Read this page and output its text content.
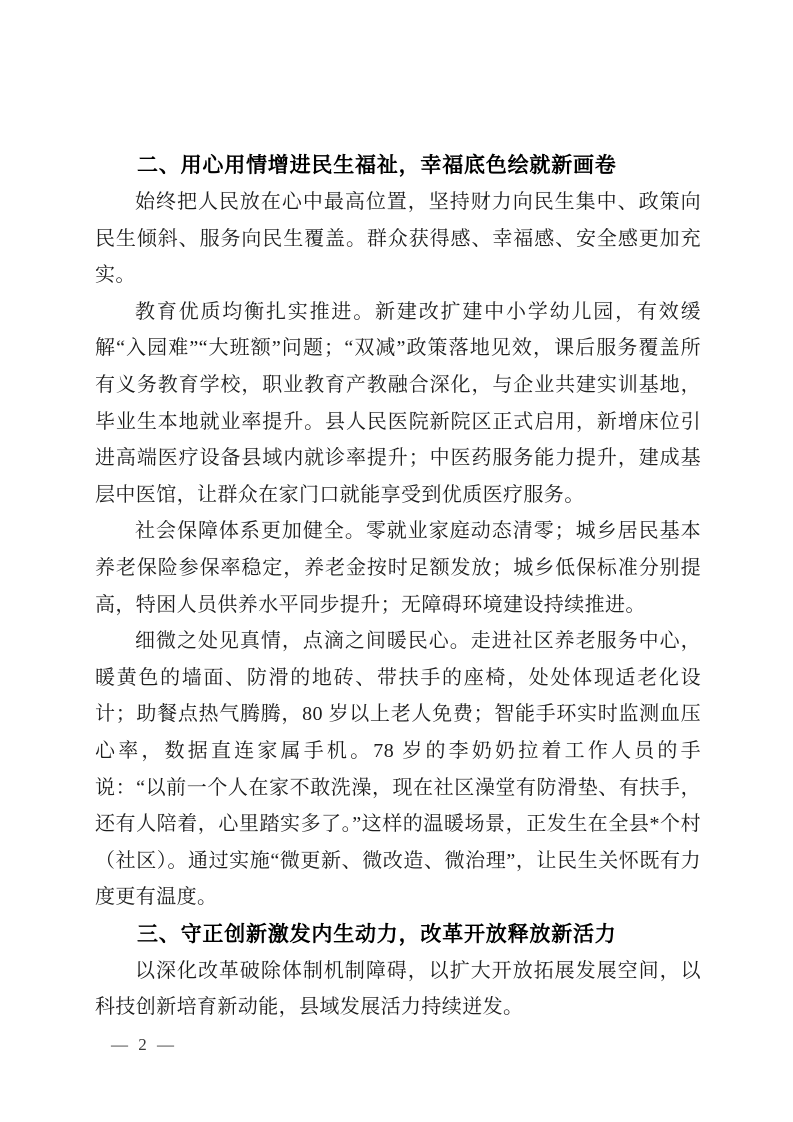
二、用心用情增进民生福祉，幸福底色绘就新画卷

始终把人民放在心中最高位置，坚持财力向民生集中、政策向民生倾斜、服务向民生覆盖。群众获得感、幸福感、安全感更加充实。

教育优质均衡扎实推进。新建改扩建中小学幼儿园，有效缓解“入园难”“大班额”问题；“双减”政策落地见效，课后服务覆盖所有义务教育学校，职业教育产教融合深化，与企业共建实训基地，毕业生本地就业率提升。县人民医院新院区正式启用，新增床位引进高端医疗设备县域内就诊率提升；中医药服务能力提升，建成基层中医馆，让群众在家门口就能享受到优质医疗服务。

社会保障体系更加健全。零就业家庭动态清零；城乡居民基本养老保险参保率稳定，养老金按时足额发放；城乡低保标准分别提高，特困人员供养水平同步提升；无障碍环境建设持续推进。

细微之处见真情，点滴之间暖民心。走进社区养老服务中心，暖黄色的墙面、防滑的地砖、带扶手的座椅，处处体现适老化设计；助餐点热气腾腾，80 岁以上老人免费；智能手环实时监测血压心率，数据直连家属手机。78 岁的李奶奶拉着工作人员的手说：“以前一个人在家不敢洗澡，现在社区澡堂有防滑垫、有扶手，还有人陪着，心里踏实多了。”这样的温暖场景，正发生在全县*个村（社区）。通过实施“微更新、微改造、微治理”，让民生关怀既有力度更有温度。

三、守正创新激发内生动力，改革开放释放新活力

以深化改革破除体制机制障碍，以扩大开放拓展发展空间，以科技创新培育新动能，县域发展活力持续迸发。

— 2 —
